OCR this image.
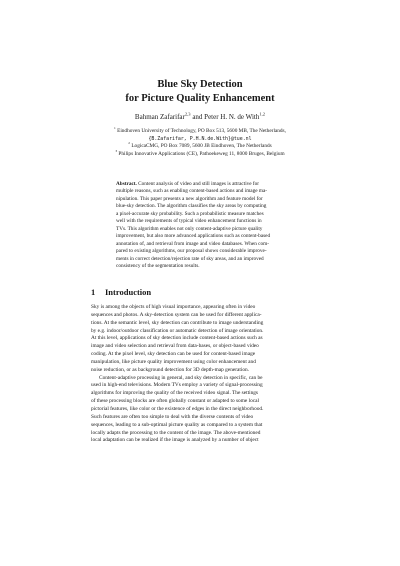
Blue Sky Detection
for Picture Quality Enhancement
Bahman Zafarifar$^{2,3}$ and Peter H. N. de With$^{1,2}$
$^1$ Eindhoven University of Technology, PO Box 513, 5600 MB, The Netherlands,
{B.Zafarifar, P.H.N.de.With}@tue.nl
$^2$ LogicaCMG, PO Box 7089, 5600 JB Eindhoven, The Netherlands
$^3$ Philips Innovative Applications (CE), Pathoekeweg 11, 8000 Bruges, Belgium
Abstract. Content analysis of video and still images is attractive for
multiple reasons, such as enabling content-based actions and image ma-
nipulation. This paper presents a new algorithm and feature model for
blue-sky detection. The algorithm classifies the sky areas by computing
a pixel-accurate sky probability. Such a probabilistic measure matches
well with the requirements of typical video enhancement functions in
TVs. This algorithm enables not only content-adaptive picture quality
improvement, but also more advanced applications such as content-based
annotation of, and retrieval from image and video databases. When com-
pared to existing algorithms, our proposal shows considerable improve-
ments in correct detection/rejection rate of sky areas, and an improved
consistency of the segmentation results.
1 Introduction
Sky is among the objects of high visual importance, appearing often in video
sequences and photos. A sky-detection system can be used for different applica-
tions. At the semantic level, sky detection can contribute to image understanding
by e.g. indoor/outdoor classification or automatic detection of image orientation.
At this level, applications of sky detection include content-based actions such as
image and video selection and retrieval from data-bases, or object-based video
coding. At the pixel level, sky detection can be used for content-based image
manipulation, like picture quality improvement using color enhancement and
noise reduction, or as background detection for 3D depth-map generation.
Content-adaptive processing in general, and sky detection in specific, can be
used in high-end televisions. Modern TVs employ a variety of signal-processing
algorithms for improving the quality of the received video signal. The settings
of these processing blocks are often globally constant or adapted to some local
pictorial features, like color or the existence of edges in the direct neighborhood.
Such features are often too simple to deal with the diverse contents of video
sequences, leading to a sub-optimal picture quality as compared to a system that
locally adapts the processing to the content of the image. The above-mentioned
local adaptation can be realized if the image is analyzed by a number of object
